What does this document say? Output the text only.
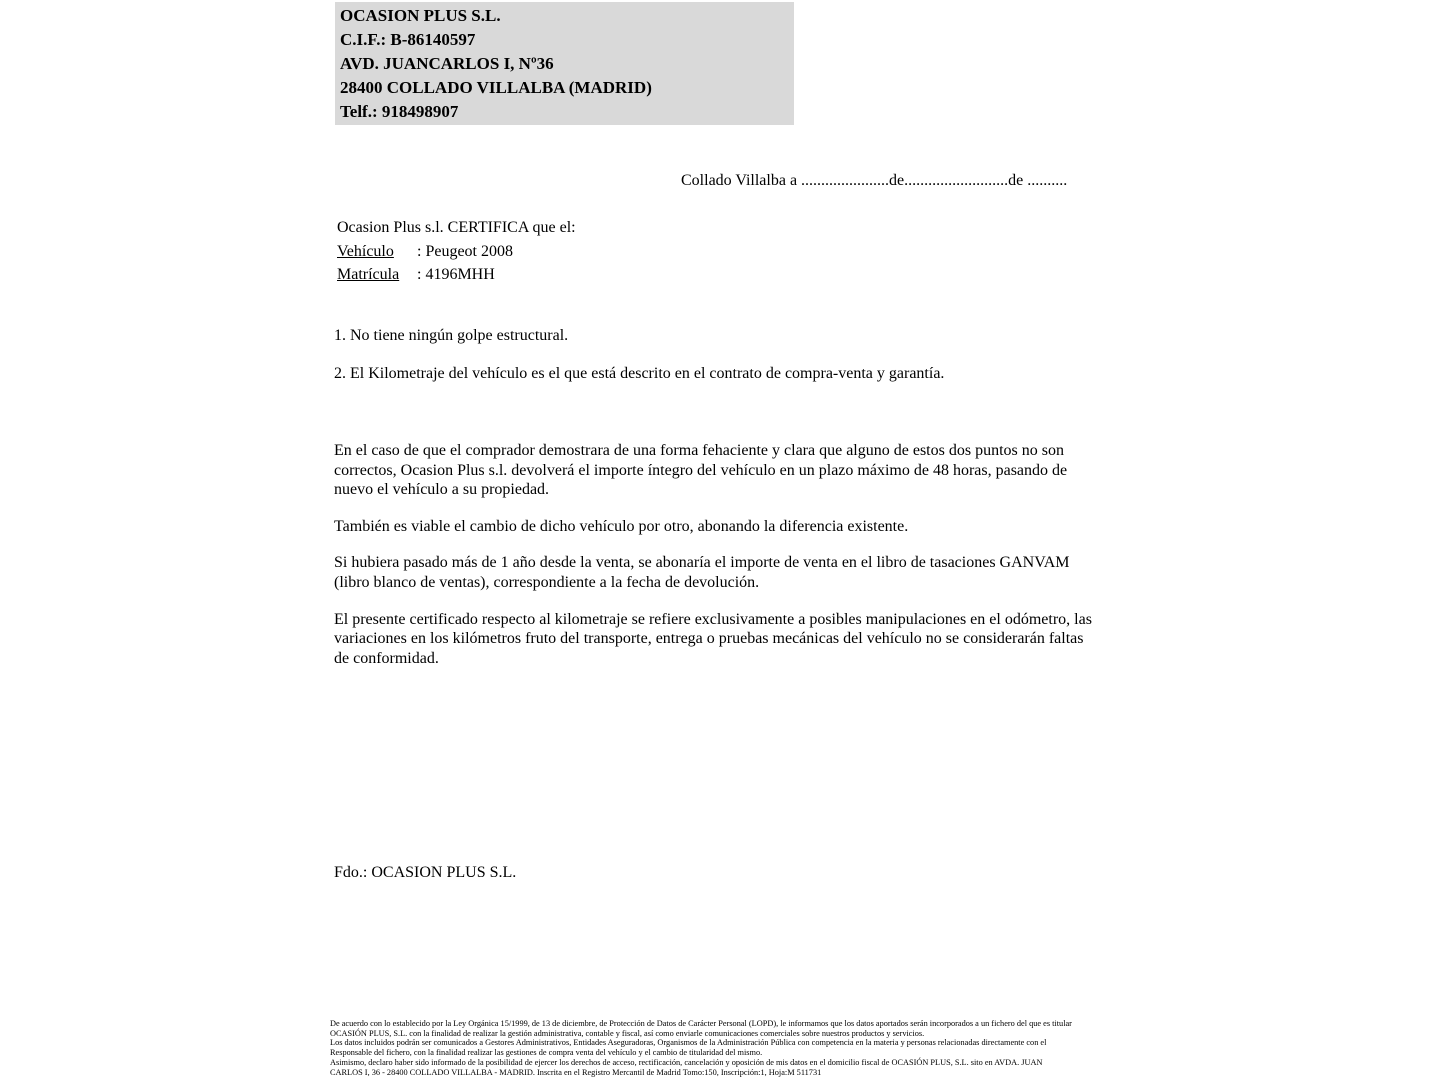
OCASION PLUS S.L.
C.I.F.: B-86140597
AVD. JUANCARLOS I, Nº36
28400 COLLADO VILLALBA (MADRID)
Telf.: 918498907
Collado Villalba a ......................de..........................de ..........
Ocasion Plus s.l. CERTIFICA que el:
Vehículo	: Peugeot 2008
Matrícula	: 4196MHH
1. No tiene ningún golpe estructural.
2. El Kilometraje del vehículo es el que está descrito en el contrato de compra-venta y garantía.
En el caso de que el comprador demostrara de una forma fehaciente y clara que alguno de estos dos puntos no son correctos, Ocasion Plus s.l. devolverá el importe íntegro del vehículo en un plazo máximo de 48 horas, pasando de nuevo el vehículo a su propiedad.
También es viable el cambio de dicho vehículo por otro, abonando la diferencia existente.
Si hubiera pasado más de 1 año desde la venta, se abonaría el importe de venta en el libro de tasaciones GANVAM (libro blanco de ventas), correspondiente a la fecha de devolución.
El presente certificado respecto al kilometraje se refiere exclusivamente a posibles manipulaciones en el odómetro, las variaciones en los kilómetros fruto del transporte, entrega o pruebas mecánicas del vehículo no se considerarán faltas de conformidad.
Fdo.: OCASION PLUS S.L.
De acuerdo con lo establecido por la Ley Orgánica 15/1999, de 13 de diciembre, de Protección de Datos de Carácter Personal (LOPD), le informamos que los datos aportados serán incorporados a un fichero del que es titular
OCASIÓN PLUS, S.L. con la finalidad de realizar la gestión administrativa, contable y fiscal, así como enviarle comunicaciones comerciales sobre nuestros productos y servicios.
Los datos incluidos podrán ser comunicados a Gestores Administrativos, Entidades Aseguradoras, Organismos de la Administración Pública con competencia en la materia y personas relacionadas directamente con el
Responsable del fichero, con la finalidad realizar las gestiones de compra venta del vehículo y el cambio de titularidad del mismo.
Asimismo, declaro haber sido informado de la posibilidad de ejercer los derechos de acceso, rectificación, cancelación y oposición de mis datos en el domicilio fiscal de OCASIÓN PLUS, S.L. sito en AVDA. JUAN
CARLOS I, 36 - 28400 COLLADO VILLALBA - MADRID. Inscrita en el Registro Mercantil de Madrid Tomo:150, Inscripción:1, Hoja:M 511731
